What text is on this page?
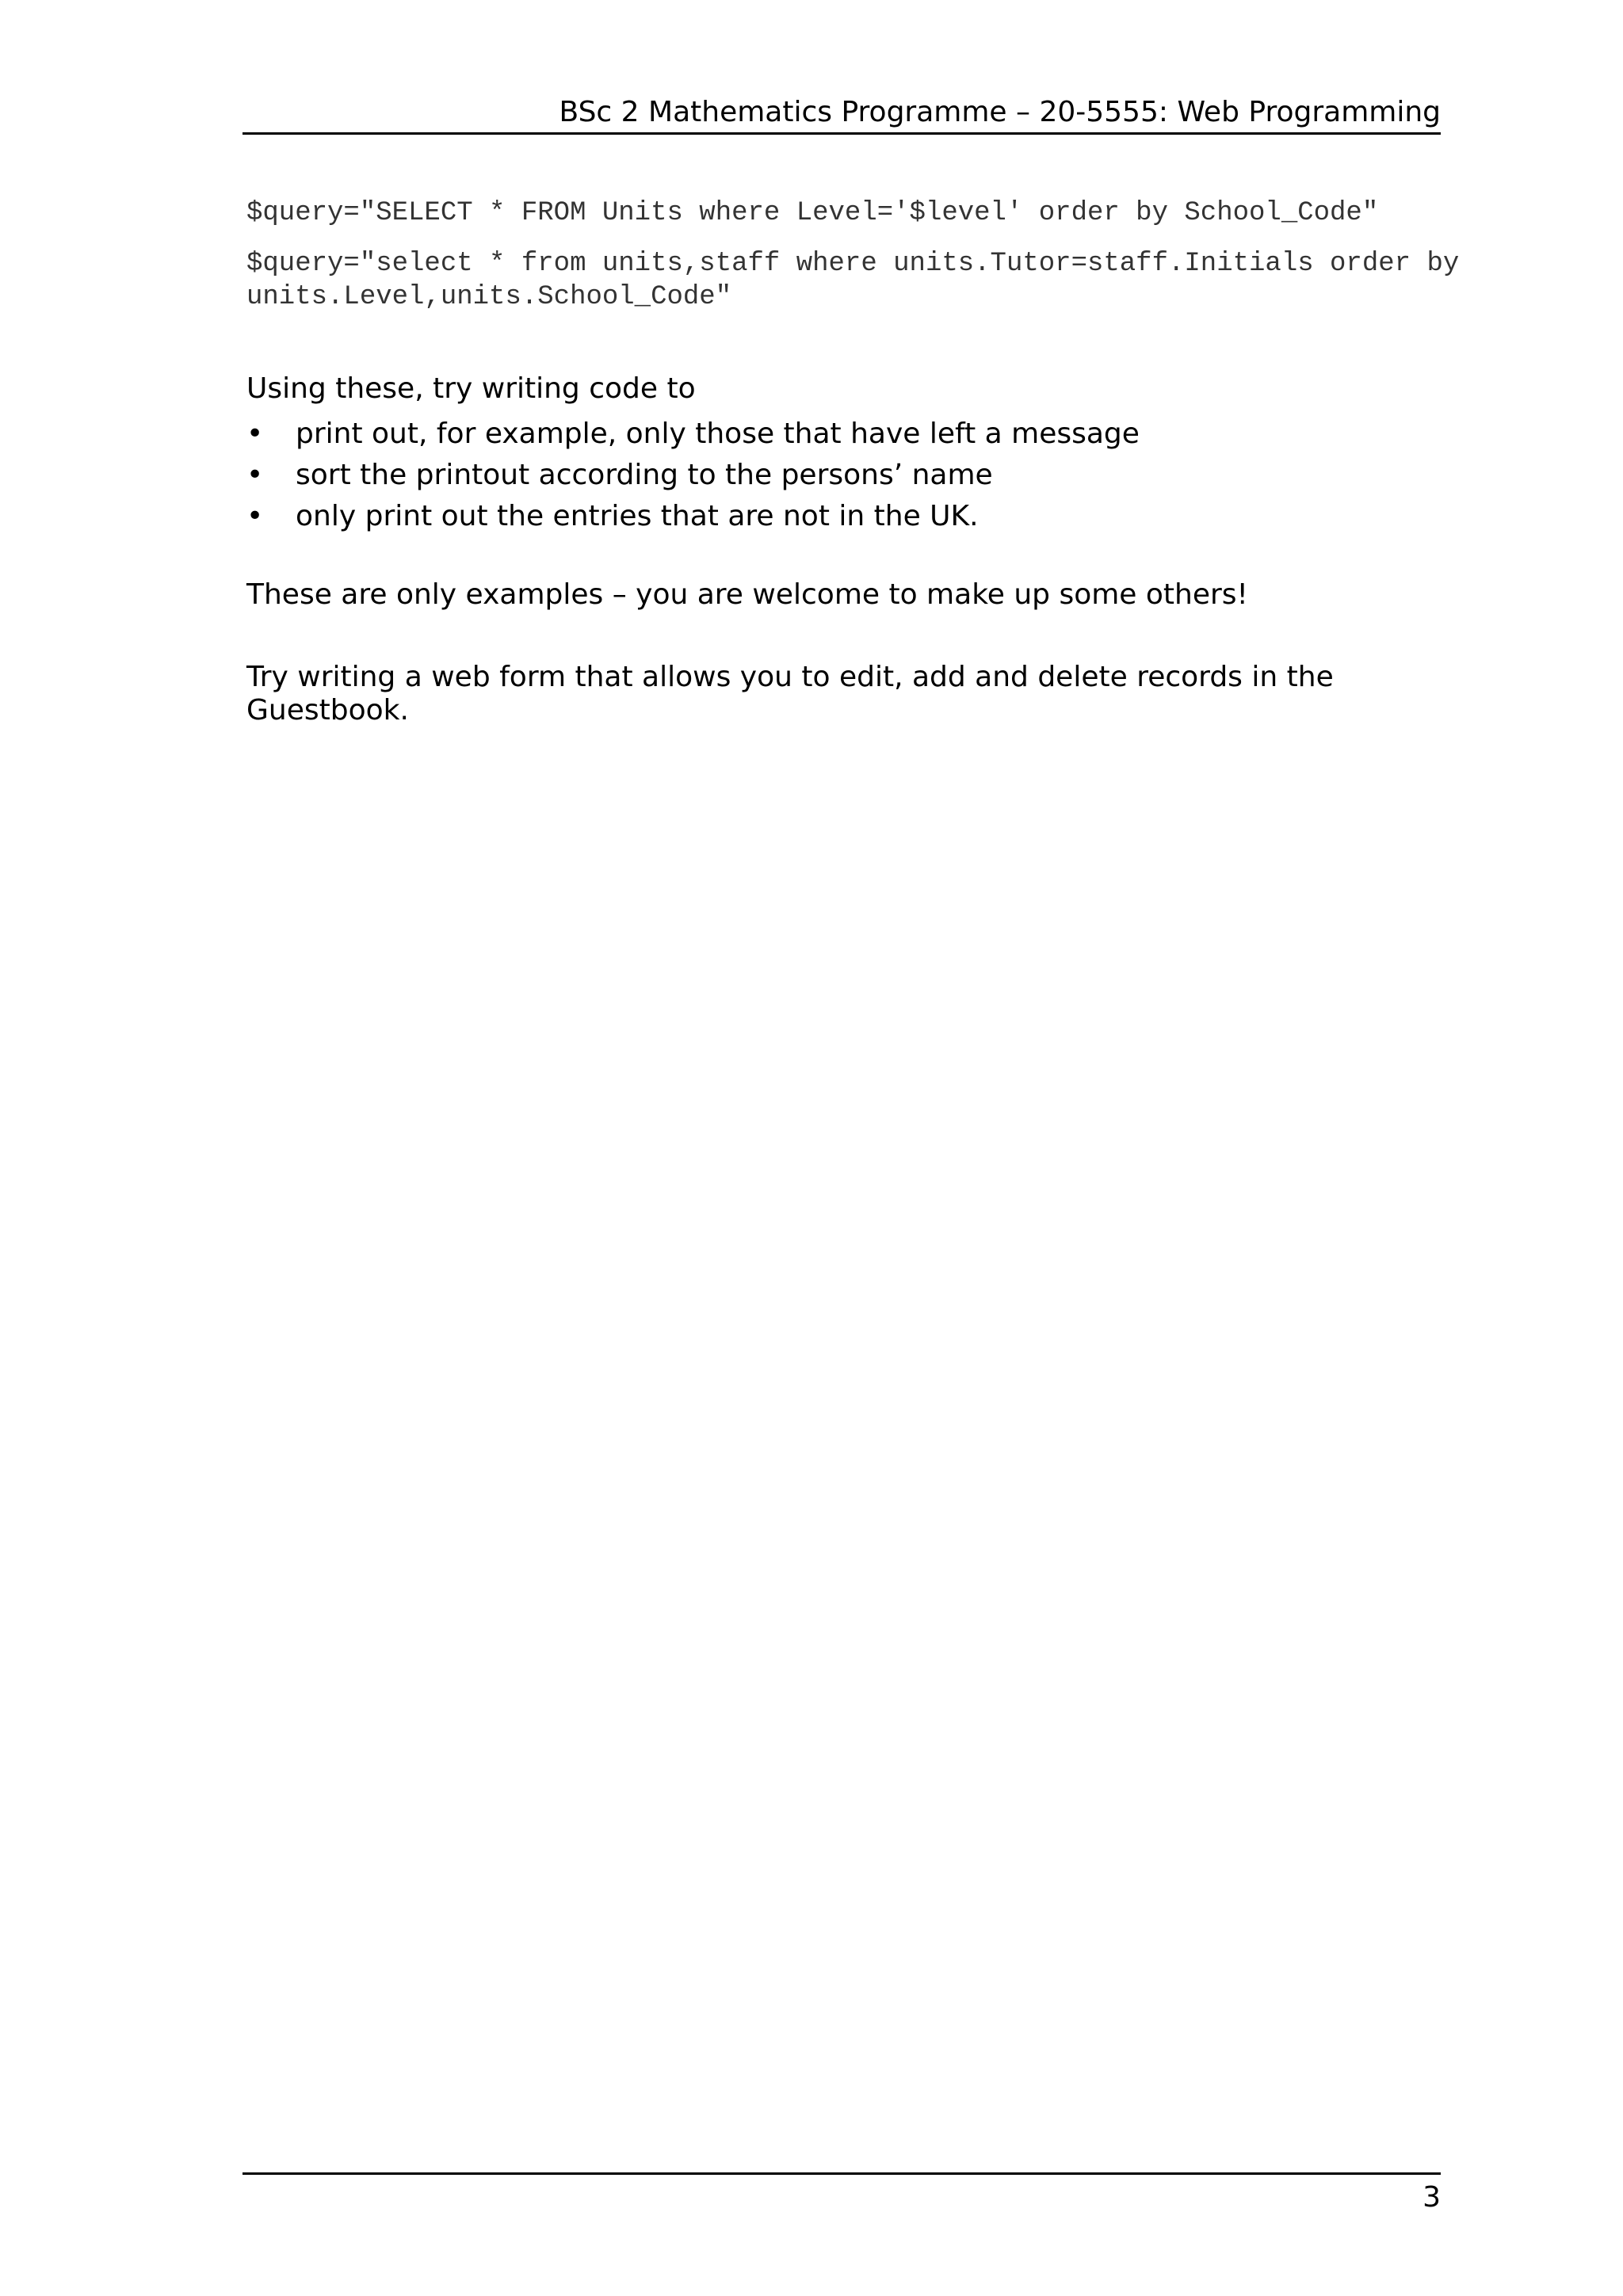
BSc 2 Mathematics Programme – 20-5555: Web Programming
$query="SELECT * FROM Units where Level='$level' order by School_Code"
$query="select * from units,staff where units.Tutor=staff.Initials order by units.Level,units.School_Code"

Using these, try writing code to

• print out, for example, only those that have left a message
• sort the printout according to the persons’ name
• only print out the entries that are not in the UK.

These are only examples – you are welcome to make up some others!

Try writing a web form that allows you to edit, add and delete records in the Guestbook.

3
